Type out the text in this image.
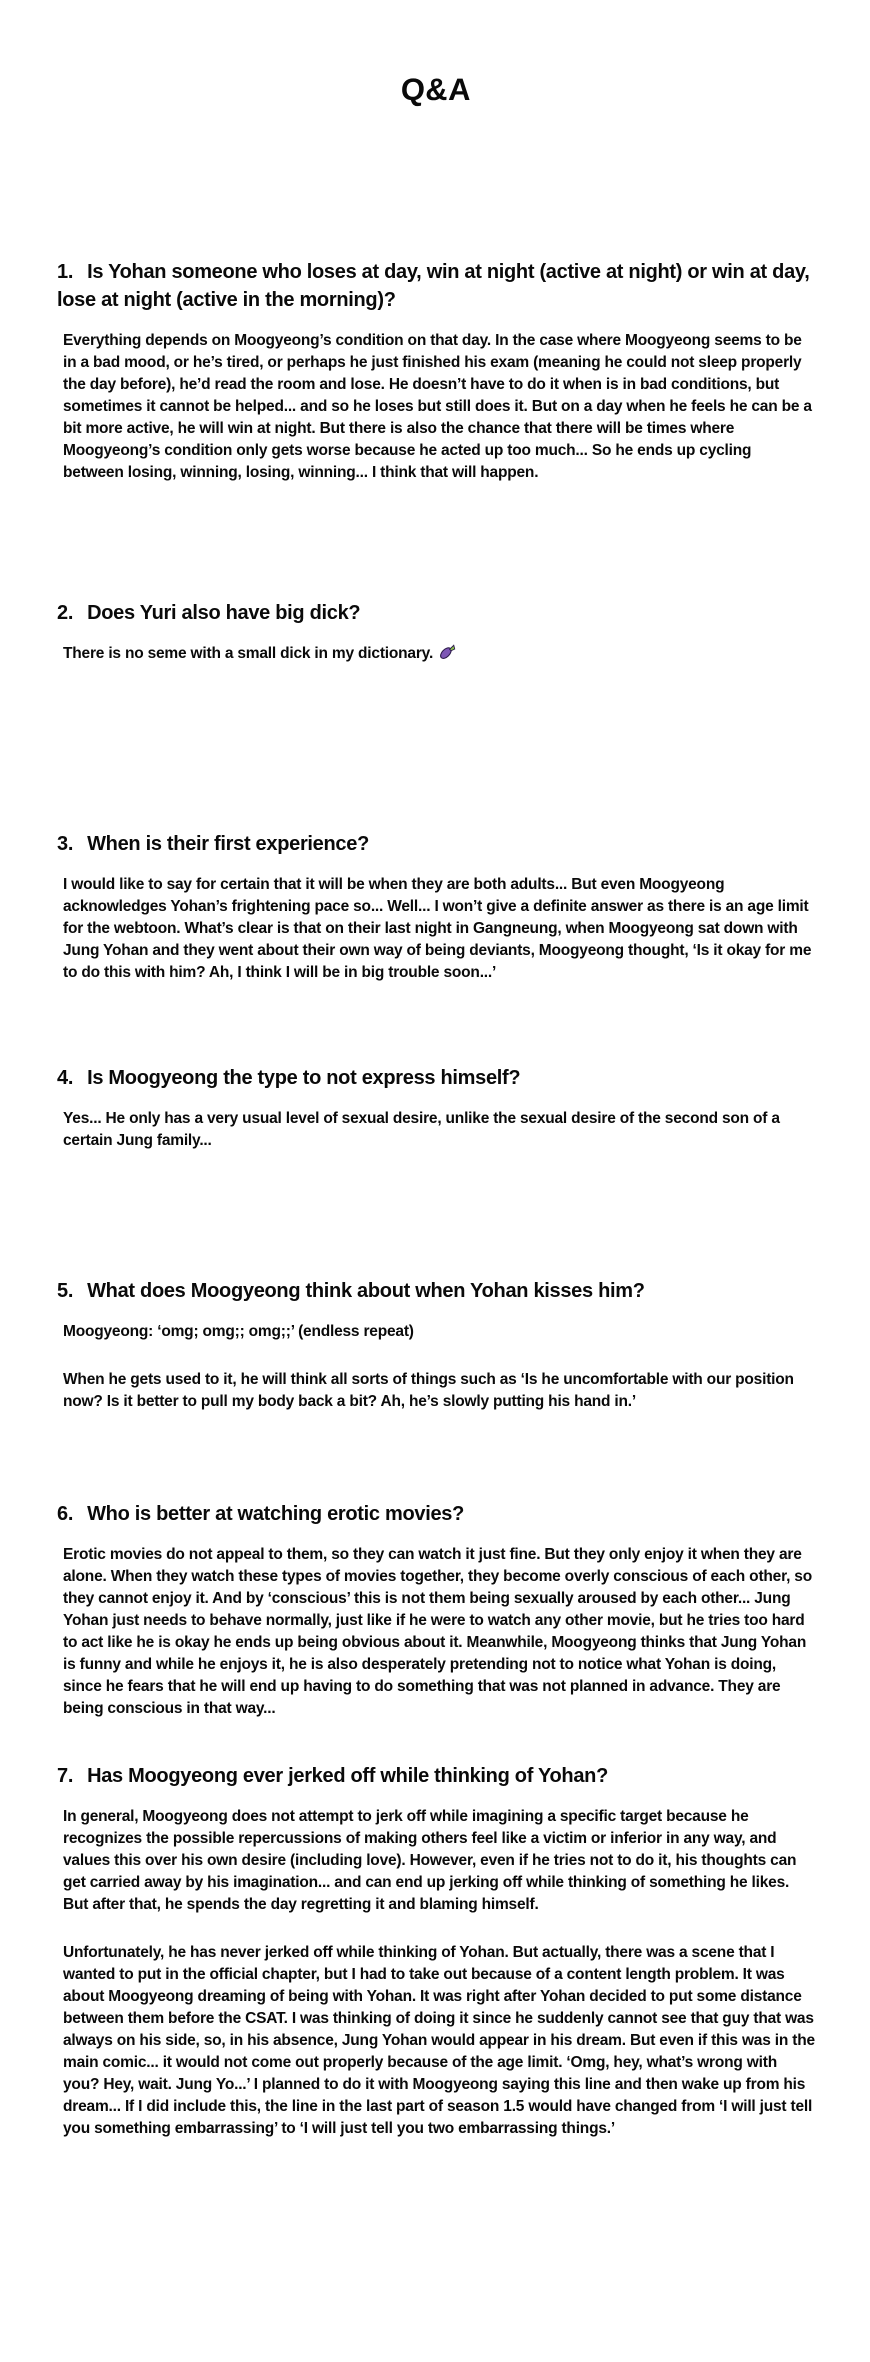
Q&A
1. Is Yohan someone who loses at day, win at night (active at night) or win at day, lose at night (active in the morning)?

Everything depends on Moogyeong’s condition on that day. In the case where Moogyeong seems to be in a bad mood, or he’s tired, or perhaps he just finished his exam (meaning he could not sleep properly the day before), he’d read the room and lose. He doesn’t have to do it when is in bad conditions, but sometimes it cannot be helped... and so he loses but still does it. But on a day when he feels he can be a bit more active, he will win at night. But there is also the chance that there will be times where Moogyeong’s condition only gets worse because he acted up too much... So he ends up cycling between losing, winning, losing, winning... I think that will happen.

2. Does Yuri also have big dick?

There is no seme with a small dick in my dictionary.

3. When is their first experience?

I would like to say for certain that it will be when they are both adults... But even Moogyeong acknowledges Yohan’s frightening pace so... Well... I won’t give a definite answer as there is an age limit for the webtoon. What’s clear is that on their last night in Gangneung, when Moogyeong sat down with Jung Yohan and they went about their own way of being deviants, Moogyeong thought, ‘Is it okay for me to do this with him? Ah, I think I will be in big trouble soon...’

4. Is Moogyeong the type to not express himself?

Yes... He only has a very usual level of sexual desire, unlike the sexual desire of the second son of a certain Jung family...

5. What does Moogyeong think about when Yohan kisses him?

Moogyeong: ‘omg; omg;; omg;;’ (endless repeat)

When he gets used to it, he will think all sorts of things such as ‘Is he uncomfortable with our position now? Is it better to pull my body back a bit? Ah, he’s slowly putting his hand in.’

6. Who is better at watching erotic movies?

Erotic movies do not appeal to them, so they can watch it just fine. But they only enjoy it when they are alone. When they watch these types of movies together, they become overly conscious of each other, so they cannot enjoy it. And by ‘conscious’ this is not them being sexually aroused by each other... Jung Yohan just needs to behave normally, just like if he were to watch any other movie, but he tries too hard to act like he is okay he ends up being obvious about it. Meanwhile, Moogyeong thinks that Jung Yohan is funny and while he enjoys it, he is also desperately pretending not to notice what Yohan is doing, since he fears that he will end up having to do something that was not planned in advance. They are being conscious in that way...

7. Has Moogyeong ever jerked off while thinking of Yohan?

In general, Moogyeong does not attempt to jerk off while imagining a specific target because he recognizes the possible repercussions of making others feel like a victim or inferior in any way, and values this over his own desire (including love). However, even if he tries not to do it, his thoughts can get carried away by his imagination... and can end up jerking off while thinking of something he likes. But after that, he spends the day regretting it and blaming himself.

Unfortunately, he has never jerked off while thinking of Yohan. But actually, there was a scene that I wanted to put in the official chapter, but I had to take out because of a content length problem. It was about Moogyeong dreaming of being with Yohan. It was right after Yohan decided to put some distance between them before the CSAT. I was thinking of doing it since he suddenly cannot see that guy that was always on his side, so, in his absence, Jung Yohan would appear in his dream. But even if this was in the main comic... it would not come out properly because of the age limit. ‘Omg, hey, what’s wrong with you? Hey, wait. Jung Yo...’ I planned to do it with Moogyeong saying this line and then wake up from his dream... If I did include this, the line in the last part of season 1.5 would have changed from ‘I will just tell you something embarrassing’ to ‘I will just tell you two embarrassing things.’
